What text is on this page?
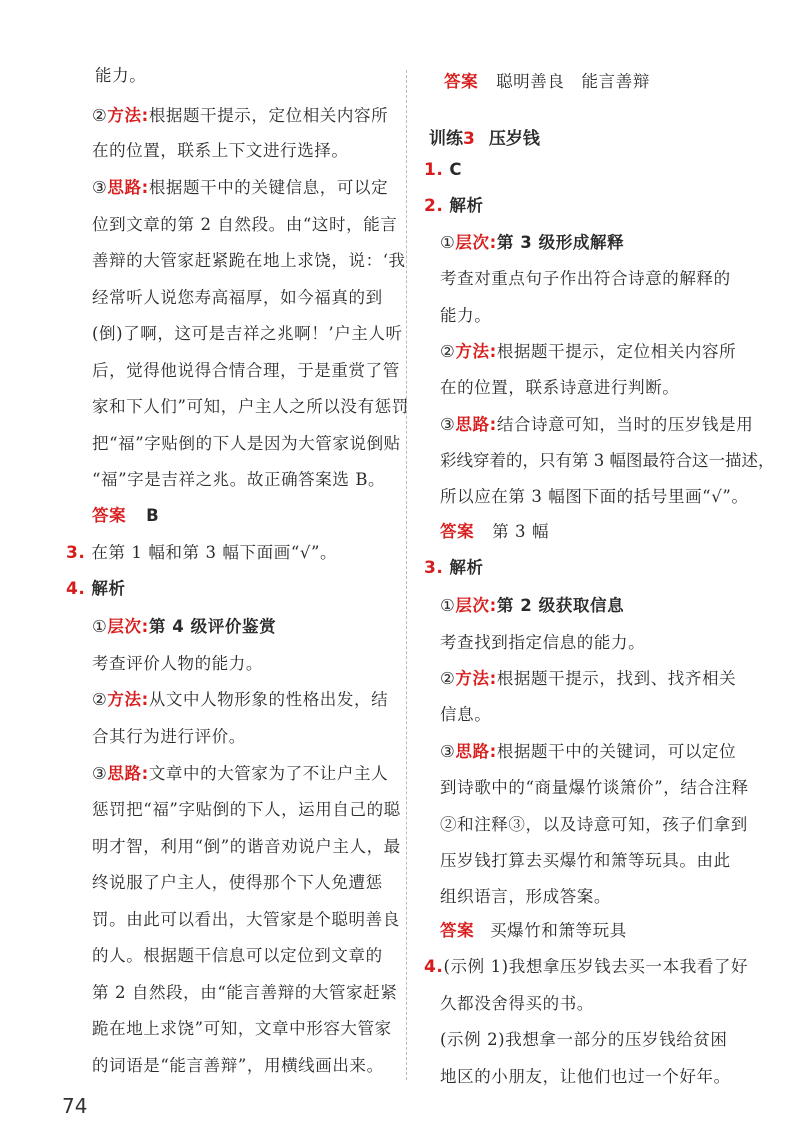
能力。
②方法:根据题干提示，定位相关内容所
在的位置，联系上下文进行选择。
③思路:根据题干中的关键信息，可以定
位到文章的第 2 自然段。由“这时，能言
善辩的大管家赶紧跪在地上求饶，说：‘我
经常听人说您寿高福厚，如今福真的到
(倒)了啊，这可是吉祥之兆啊！’户主人听
后，觉得他说得合情合理，于是重赏了管
家和下人们”可知，户主人之所以没有惩罚
把“福”字贴倒的下人是因为大管家说倒贴
“福”字是吉祥之兆。故正确答案选 B。
答案 B
3. 在第 1 幅和第 3 幅下面画“√”。
4. 解析
①层次:第 4 级评价鉴赏
考查评价人物的能力。
②方法:从文中人物形象的性格出发，结
合其行为进行评价。
③思路:文章中的大管家为了不让户主人
惩罚把“福”字贴倒的下人，运用自己的聪
明才智，利用“倒”的谐音劝说户主人，最
终说服了户主人，使得那个下人免遭惩
罚。由此可以看出，大管家是个聪明善良
的人。根据题干信息可以定位到文章的
第 2 自然段，由“能言善辩的大管家赶紧
跪在地上求饶”可知，文章中形容大管家
的词语是“能言善辩”，用横线画出来。
答案 聪明善良　能言善辩
训练3 压岁钱
1. C
2. 解析
①层次:第 3 级形成解释
考查对重点句子作出符合诗意的解释的
能力。
②方法:根据题干提示，定位相关内容所
在的位置，联系诗意进行判断。
③思路:结合诗意可知，当时的压岁钱是用
彩线穿着的，只有第 3 幅图最符合这一描述，
所以应在第 3 幅图下面的括号里画“√”。
答案 第 3 幅
3. 解析
①层次:第 2 级获取信息
考查找到指定信息的能力。
②方法:根据题干提示，找到、找齐相关
信息。
③思路:根据题干中的关键词，可以定位
到诗歌中的“商量爆竹谈箫价”，结合注释
②和注释③，以及诗意可知，孩子们拿到
压岁钱打算去买爆竹和箫等玩具。由此
组织语言，形成答案。
答案 买爆竹和箫等玩具
4.(示例 1)我想拿压岁钱去买一本我看了好
久都没舍得买的书。
(示例 2)我想拿一部分的压岁钱给贫困
地区的小朋友，让他们也过一个好年。
74
